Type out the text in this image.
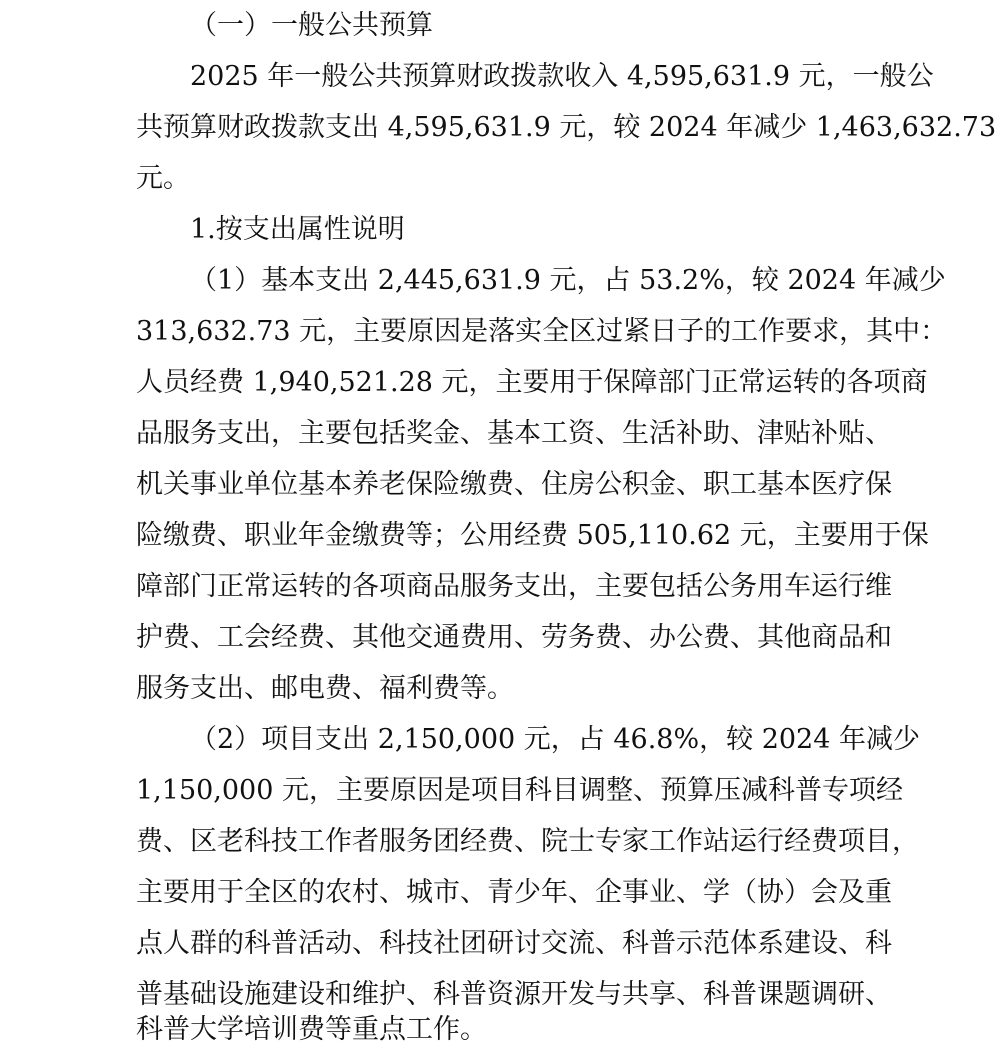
（一）一般公共预算
2025 年一般公共预算财政拨款收入 4,595,631.9 元，一般公
共预算财政拨款支出 4,595,631.9 元，较 2024 年减少 1,463,632.73
元。
1.按支出属性说明
（1）基本支出 2,445,631.9 元，占 53.2%，较 2024 年减少
313,632.73 元，主要原因是落实全区过紧日子的工作要求，其中：
人员经费 1,940,521.28 元，主要用于保障部门正常运转的各项商
品服务支出，主要包括奖金、基本工资、生活补助、津贴补贴、
机关事业单位基本养老保险缴费、住房公积金、职工基本医疗保
险缴费、职业年金缴费等；公用经费 505,110.62 元，主要用于保
障部门正常运转的各项商品服务支出，主要包括公务用车运行维
护费、工会经费、其他交通费用、劳务费、办公费、其他商品和
服务支出、邮电费、福利费等。
（2）项目支出 2,150,000 元，占 46.8%，较 2024 年减少
1,150,000 元，主要原因是项目科目调整、预算压减科普专项经
费、区老科技工作者服务团经费、院士专家工作站运行经费项目，
主要用于全区的农村、城市、青少年、企事业、学（协）会及重
点人群的科普活动、科技社团研讨交流、科普示范体系建设、科
普基础设施建设和维护、科普资源开发与共享、科普课题调研、
科普大学培训费等重点工作。
